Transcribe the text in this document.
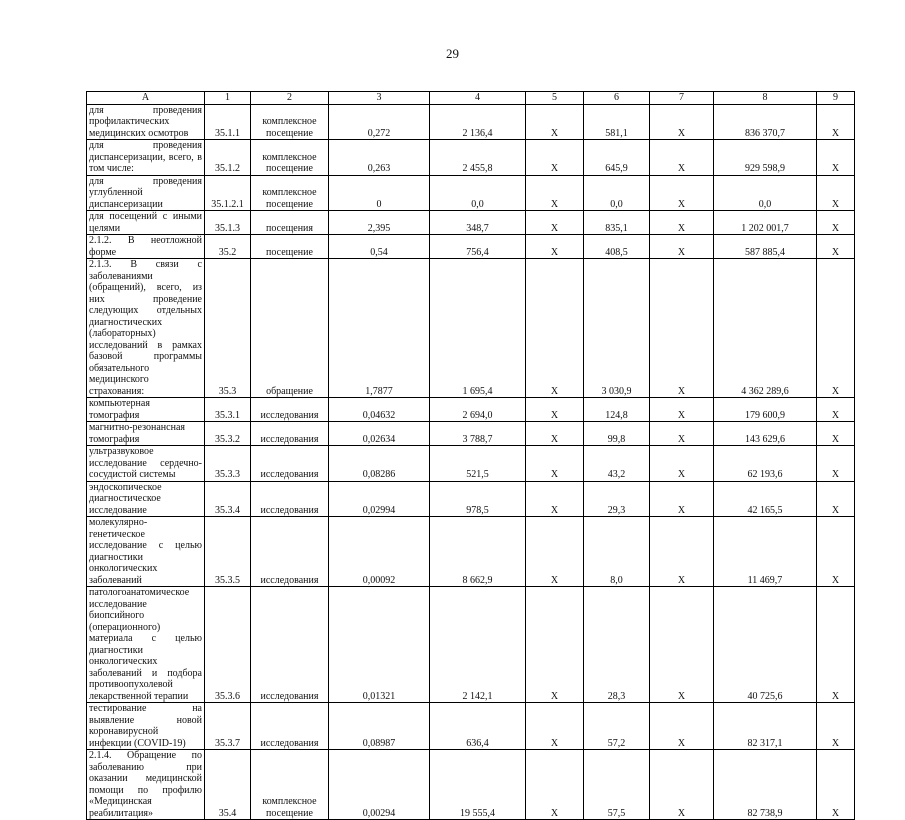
29
А	1	2	3	4	5	6	7	8	9
для проведения профилактических медицинских осмотров	35.1.1	комплексное посещение	0,272	2 136,4	Х	581,1	Х	836 370,7	Х
для проведения диспансеризации, всего, в том числе:	35.1.2	комплексное посещение	0,263	2 455,8	Х	645,9	Х	929 598,9	Х
для проведения углубленной диспансеризации	35.1.2.1	комплексное посещение	0	0,0	Х	0,0	Х	0,0	Х
для посещений с иными целями	35.1.3	посещения	2,395	348,7	Х	835,1	Х	1 202 001,7	Х
2.1.2. В неотложной форме	35.2	посещение	0,54	756,4	Х	408,5	Х	587 885,4	Х
2.1.3. В связи с заболеваниями (обращений), всего, из них проведение следующих отдельных диагностических (лабораторных) исследований в рамках базовой программы обязательного медицинского страхования:	35.3	обращение	1,7877	1 695,4	Х	3 030,9	Х	4 362 289,6	Х
компьютерная томография	35.3.1	исследования	0,04632	2 694,0	Х	124,8	Х	179 600,9	Х
магнитно-резонансная томография	35.3.2	исследования	0,02634	3 788,7	Х	99,8	Х	143 629,6	Х
ультразвуковое исследование сердечно-сосудистой системы	35.3.3	исследования	0,08286	521,5	Х	43,2	Х	62 193,6	Х
эндоскопическое диагностическое исследование	35.3.4	исследования	0,02994	978,5	Х	29,3	Х	42 165,5	Х
молекулярно-генетическое исследование с целью диагностики онкологических заболеваний	35.3.5	исследования	0,00092	8 662,9	Х	8,0	Х	11 469,7	Х
патологоанатомическое исследование биопсийного (операционного) материала с целью диагностики онкологических заболеваний и подбора противоопухолевой лекарственной терапии	35.3.6	исследования	0,01321	2 142,1	Х	28,3	Х	40 725,6	Х
тестирование на выявление новой коронавирусной инфекции (COVID-19)	35.3.7	исследования	0,08987	636,4	Х	57,2	Х	82 317,1	Х
2.1.4. Обращение по заболеванию при оказании медицинской помощи по профилю «Медицинская реабилитация»	35.4	комплексное посещение	0,00294	19 555,4	Х	57,5	Х	82 738,9	Х
